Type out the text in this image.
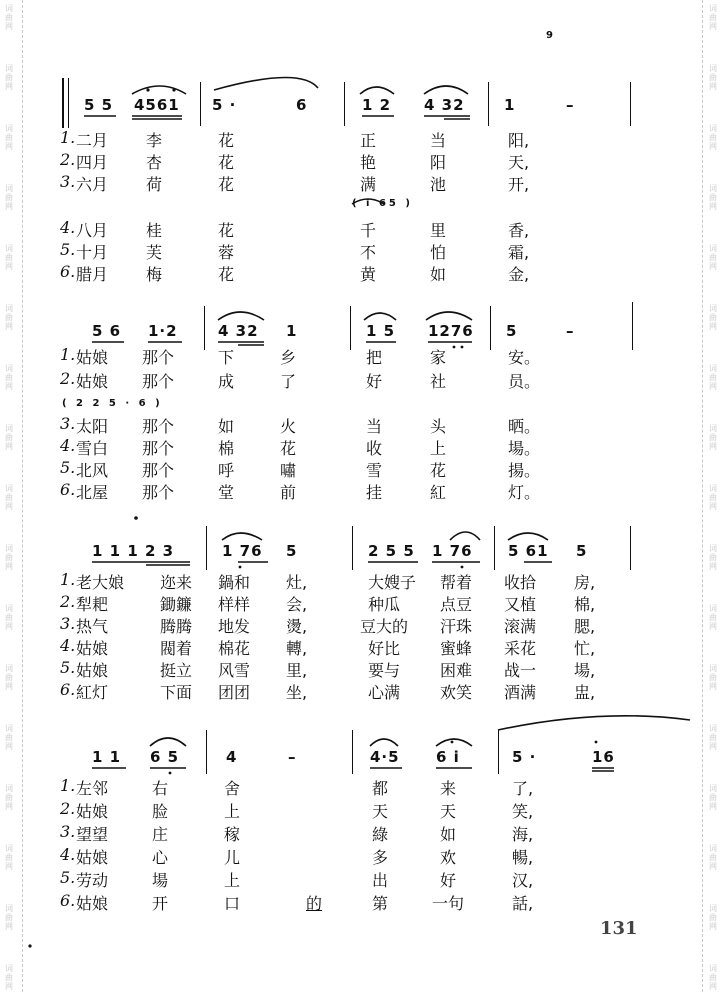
词
曲
网
词
曲
网
词
曲
网
词
曲
网
词
曲
网
词
曲
网
词
曲
网
词
曲
网
词
曲
网
词
曲
网
词
曲
网
词
曲
网
词
曲
网
词
曲
网
词
曲
网
词
曲
网
词
曲
网
词
曲
网
词
曲
网
词
曲
网
词
曲
网
词
曲
网
词
曲
网
词
曲
网
词
曲
网
词
曲
网
词
曲
网
词
曲
网
词
曲
网
词
曲
网
词
曲
网
词
曲
网
词
曲
网
词
曲
网
9
131
5 5 4561 5 ·	6	1 2 4 32	1	–
1. 二月 李	花	正	当	阳,
2. 四月 杏	花	艳	阳	天,
3. 六月 荷	花	满	池	开,
( i 65 )
4. 八月 桂	花	千	里	香,
5. 十月 芙	蓉	不	怕	霜,
6. 腊月 梅	花	黄	如	金,
5 6 1·2	4 32 1	1 5 1276 5	–
1. 姑娘 那个	下	乡	把	家	安。
2. 姑娘 那个	成	了	好	社	员。
( 2 2 5 · 6 )
3. 太阳 那个	如	火	当	头	晒。
4. 雪白 那个	棉	花	收	上	場。
5. 北风 那个	呼	嘯	雪	花	揚。
6. 北屋 那个	堂	前	挂	紅	灯。
1 1 1 2 3	1 76 5	2 5 5 1 76 5 61 5
1. 老大娘 迩来 鍋和 灶,	大嫂子 帮着 收拾 房,
2. 犁耙	鋤鐮 样样 会,	种瓜 点豆 又植 棉,
3. 热气	腾腾 地发 燙,	豆大的 汗珠 滚满 腮,
4. 姑娘	閥着 棉花 轉,	好比 蜜蜂 采花 忙,
5. 姑娘	挺立 风雪 里,	要与 困难 战一 場,
6. 紅灯	下面 团团 坐,	心满 欢笑 酒满 盅,
1 1 6 5	4	–	4·5 6 i	5 ·	16
1. 左邻	右	舍	都	来	了,
2. 姑娘	脸	上	天	天	笑,
3. 望望	庄	稼	綠	如	海,
4. 姑娘	心	儿	多	欢	暢,
5. 劳动	場	上	出	好	汉,
6. 姑娘	开	口	的	第	一句	話,
